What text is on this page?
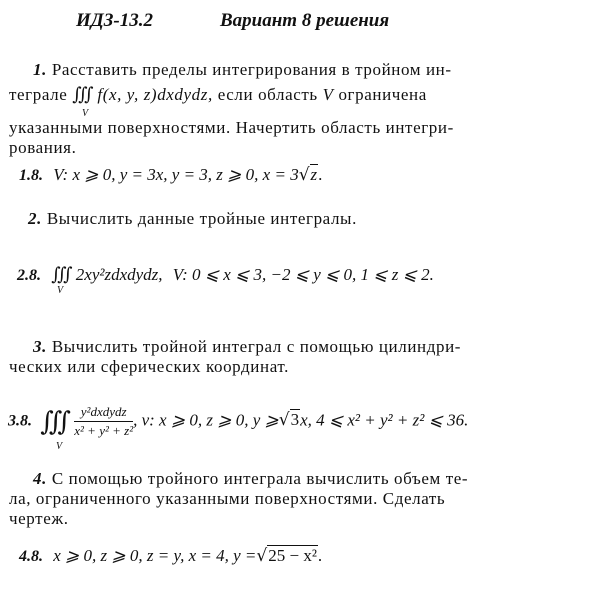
ИДЗ-13.2	Вариант 8 решения
1. Расставить пределы интегрирования в тройном ин-
теграле ∭ f(x, y, z)dxdydz, если область V ограничена
V
указанными поверхностями. Начертить область интегри-
рования.
1.8. V: x ⩾ 0, y = 3x, y = 3, z ⩾ 0, x = 3√z.
2. Вычислить данные тройные интегралы.
2.8. ∭ 2xy²zdxdydz, V: 0 ⩽ x ⩽ 3, −2 ⩽ y ⩽ 0, 1 ⩽ z ⩽ 2.
V
3. Вычислить тройной интеграл с помощью цилиндри-
ческих или сферических координат.
3.8. ∭ $\frac{\text{y²dxdydz}}{\text{x² + y² + z²}}$ , v: x ⩾ 0, z ⩾ 0, y ⩾√3x, 4 ⩽ x² + y² + z² ⩽ 36.
V
4. С помощью тройного интеграла вычислить объем те-
ла, ограниченного указанными поверхностями. Сделать
чертеж.
4.8. x ⩾ 0, z ⩾ 0, z = y, x = 4, y =√25 − x².
